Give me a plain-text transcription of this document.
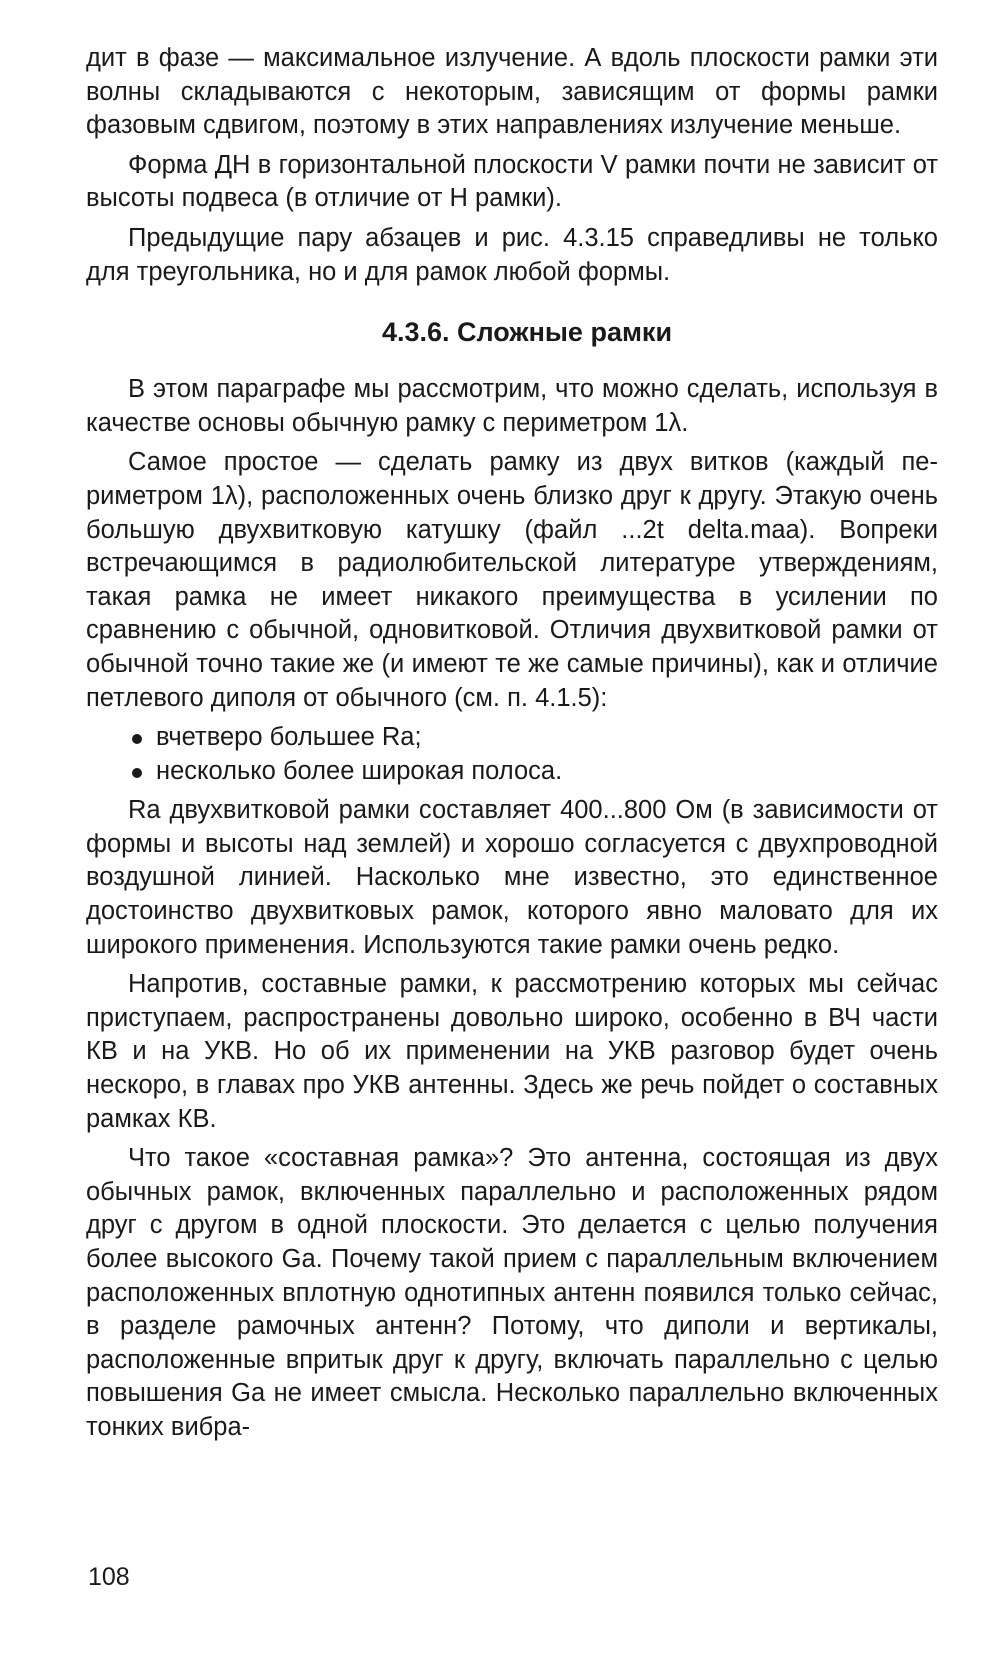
дит в фазе — максимальное излучение. А вдоль плоскости рамки эти волны складываются с некоторым, зависящим от формы рамки фазовым сдвигом, поэтому в этих направлениях излучение меньше.

Форма ДН в горизонтальной плоскости V рамки почти не зависит от высоты подвеса (в отличие от Н рамки).

Предыдущие пару абзацев и рис. 4.3.15 справедливы не только для треугольника, но и для рамок любой формы.

4.3.6. Сложные рамки

В этом параграфе мы рассмотрим, что можно сделать, используя в качестве основы обычную рамку с периметром 1λ.

Самое простое — сделать рамку из двух витков (каждый периметром 1λ), расположенных очень близко друг к другу. Этакую очень большую двухвитковую катушку (файл ...2t delta.maa). Вопреки встречающимся в радиолюбительской литературе утверждениям, такая рамка не имеет никакого преимущества в усилении по сравнению с обычной, одновитковой. Отличия двухвитковой рамки от обычной точно такие же (и имеют те же самые причины), как и отличие петлевого диполя от обычного (см. п. 4.1.5):

вчетверо большее Ra;
несколько более широкая полоса.

Ra двухвитковой рамки составляет 400...800 Ом (в зависимости от формы и высоты над землей) и хорошо согласуется с двухпроводной воздушной линией. Насколько мне известно, это единственное достоинство двухвитковых рамок, которого явно маловато для их широкого применения. Используются такие рамки очень редко.

Напротив, составные рамки, к рассмотрению которых мы сейчас приступаем, распространены довольно широко, особенно в ВЧ части КВ и на УКВ. Но об их применении на УКВ разговор будет очень нескоро, в главах про УКВ антенны. Здесь же речь пойдет о составных рамках КВ.

Что такое «составная рамка»? Это антенна, состоящая из двух обычных рамок, включенных параллельно и расположенных рядом друг с другом в одной плоскости. Это делается с целью получения более высокого Ga. Почему такой прием с параллельным включением расположенных вплотную однотипных антенн появился только сейчас, в разделе рамочных антенн? Потому, что диполи и вертикалы, расположенные впритык друг к другу, включать параллельно с целью повышения Ga не имеет смысла. Несколько параллельно включенных тонких вибра-

108
